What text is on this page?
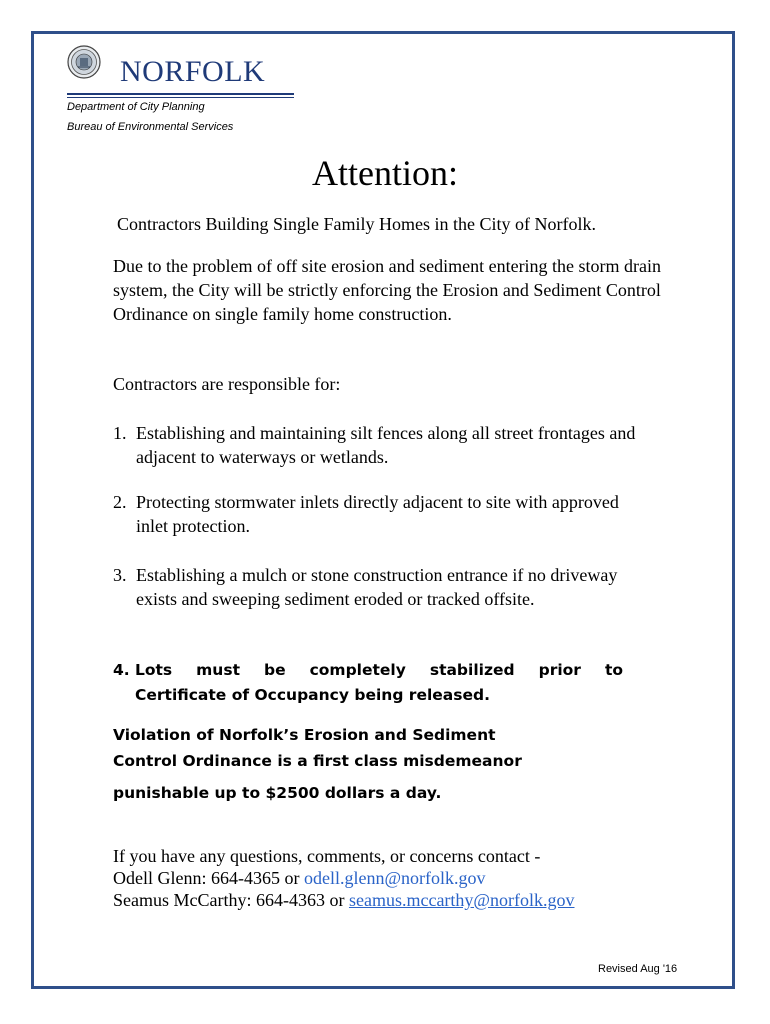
NORFOLK
Department of City Planning
Bureau of Environmental Services
Attention:
Contractors Building Single Family Homes in the City of Norfolk.
Due to the problem of off site erosion and sediment entering the storm drain system, the City will be strictly enforcing the Erosion and Sediment Control Ordinance on single family home construction.
Contractors are responsible for:
1. Establishing and maintaining silt fences along all street frontages and adjacent to waterways or wetlands.
2. Protecting stormwater inlets directly adjacent to site with approved inlet protection.
3. Establishing a mulch or stone construction entrance if no driveway exists and sweeping sediment eroded or tracked offsite.
4. Lots must be completely stabilized prior to
Certificate of Occupancy being released.
Violation of Norfolk’s Erosion and Sediment
Control Ordinance is a first class misdemeanor
punishable up to $2500 dollars a day.
If you have any questions, comments, or concerns contact -
Odell Glenn: 664-4365 or odell.glenn@norfolk.gov
Seamus McCarthy: 664-4363 or seamus.mccarthy@norfolk.gov
Revised Aug '16
